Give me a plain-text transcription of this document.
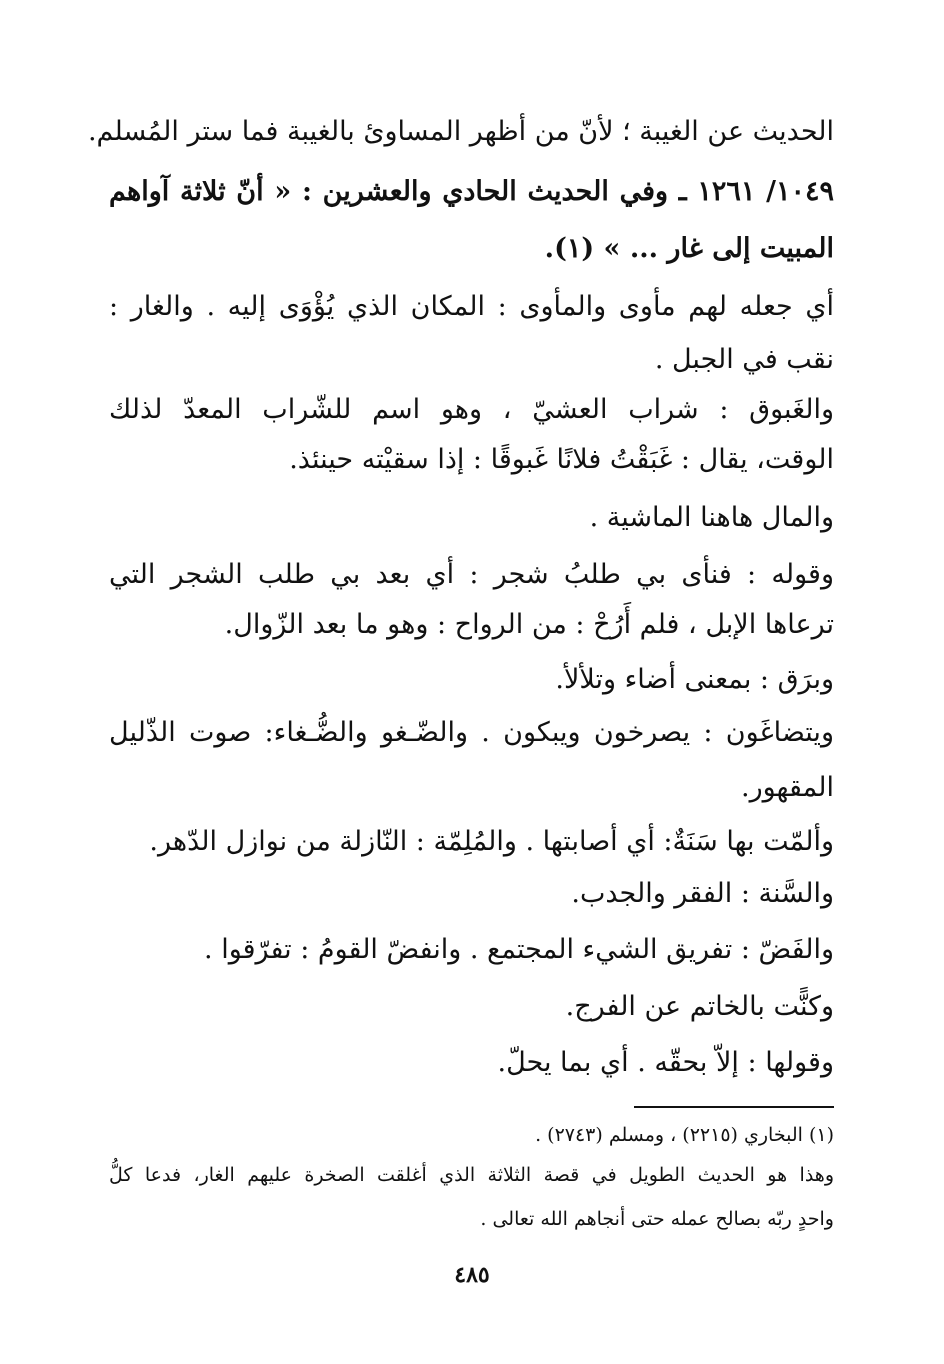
الحديث عن الغيبة ؛ لأنّ من أظهر المساوئ بالغيبة فما ستر المُسلم.
١٠٤٩/ ١٢٦١ ـ وفي الحديث الحادي والعشرين : « أنّ ثلاثة آواهم
المبيت إلى غار ... » (١).
أي جعله لهم مأوى والمأوى : المكان الذي يُؤْوَى إليه . والغار :
نقب في الجبل .
والغَبوق : شراب العشيّ ، وهو اسم للشّراب المعدّ لذلك
الوقت، يقال : غَبَقْتُ فلانًا غَبوقًا : إذا سقيْته حينئذ.
والمال هاهنا الماشية .
وقوله : فنأى بي طلبُ شجر : أي بعد بي طلب الشجر التي
ترعاها الإبل ، فلم أَرُحْ : من الرواح : وهو ما بعد الزّوال.
وبرَق : بمعنى أضاء وتلألأ.
ويتضاغَون : يصرخون ويبكون . والضّـغو والضُّـغاء: صوت الذّليل
المقهور.
وألمّت بها سَنَةٌ: أي أصابتها . والمُلِمّة : النّازلة من نوازل الدّهر.
والسَّنة : الفقر والجدب.
والفَضّ : تفريق الشيء المجتمع . وانفضّ القومُ : تفرّقوا .
وكنًّت بالخاتم عن الفرج.
وقولها : إلاّ بحقّه . أي بما يحلّ.
(١) البخاري (٢٢١٥) ، ومسلم (٢٧٤٣) .
وهذا هو الحديث الطويل في قصة الثلاثة الذي أغلقت الصخرة عليهم الغار، فدعا كلُّ
واحدٍ ربّه بصالح عمله حتى أنجاهم الله تعالى .
٤٨٥
